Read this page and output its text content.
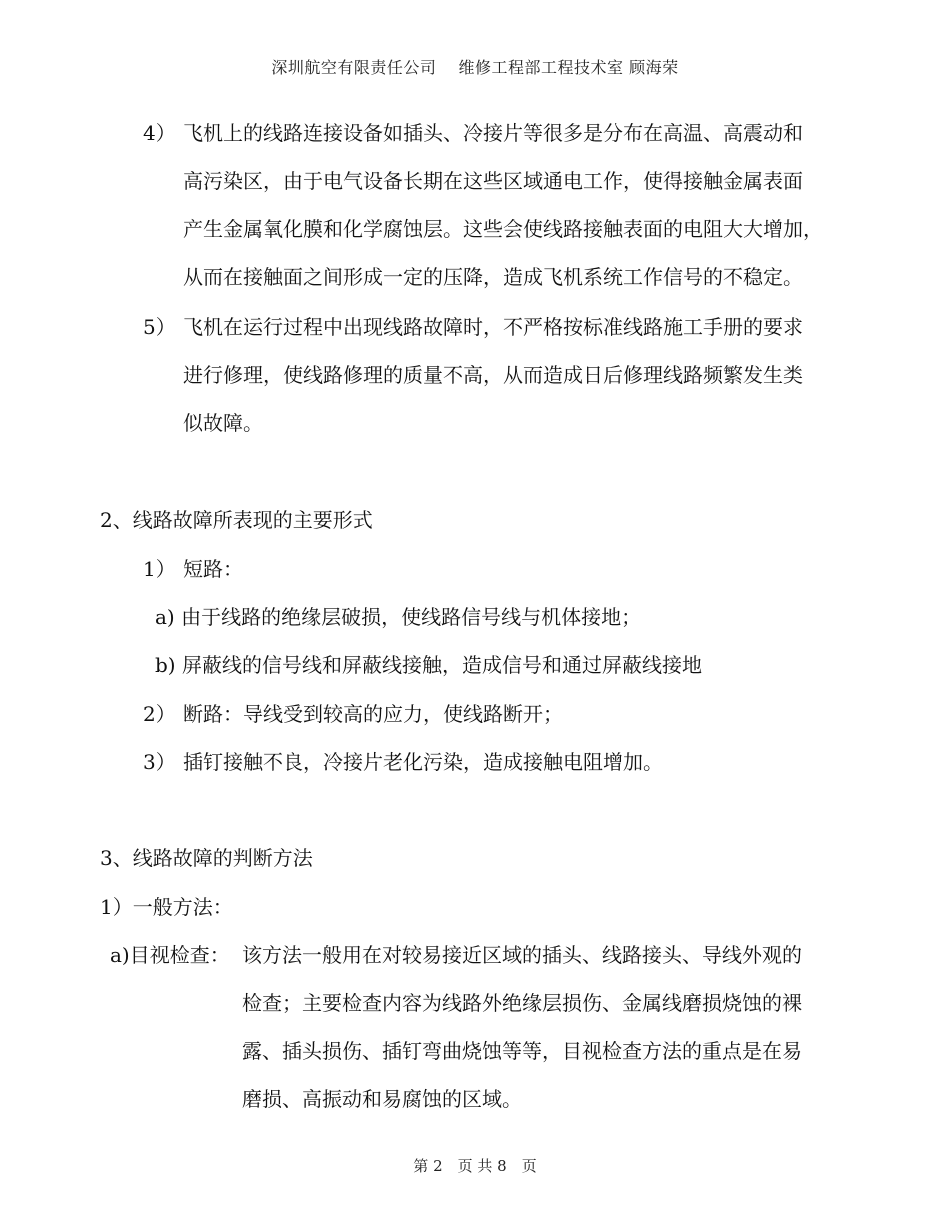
深圳航空有限责任公司　 维修工程部工程技术室 顾海荣
4） 飞机上的线路连接设备如插头、冷接片等很多是分布在高温、高震动和
高污染区，由于电气设备长期在这些区域通电工作，使得接触金属表面
产生金属氧化膜和化学腐蚀层。这些会使线路接触表面的电阻大大增加，
从而在接触面之间形成一定的压降，造成飞机系统工作信号的不稳定。
5） 飞机在运行过程中出现线路故障时，不严格按标准线路施工手册的要求
进行修理，使线路修理的质量不高，从而造成日后修理线路频繁发生类
似故障。
2、线路故障所表现的主要形式
1） 短路：
a) 由于线路的绝缘层破损，使线路信号线与机体接地；
b) 屏蔽线的信号线和屏蔽线接触，造成信号和通过屏蔽线接地
2） 断路：导线受到较高的应力，使线路断开；
3） 插钉接触不良，冷接片老化污染，造成接触电阻增加。
3、线路故障的判断方法
1）一般方法：
a)目视检查： 该方法一般用在对较易接近区域的插头、线路接头、导线外观的
检查；主要检查内容为线路外绝缘层损伤、金属线磨损烧蚀的裸
露、插头损伤、插钉弯曲烧蚀等等，目视检查方法的重点是在易
磨损、高振动和易腐蚀的区域。
第 2　页 共 8　页
